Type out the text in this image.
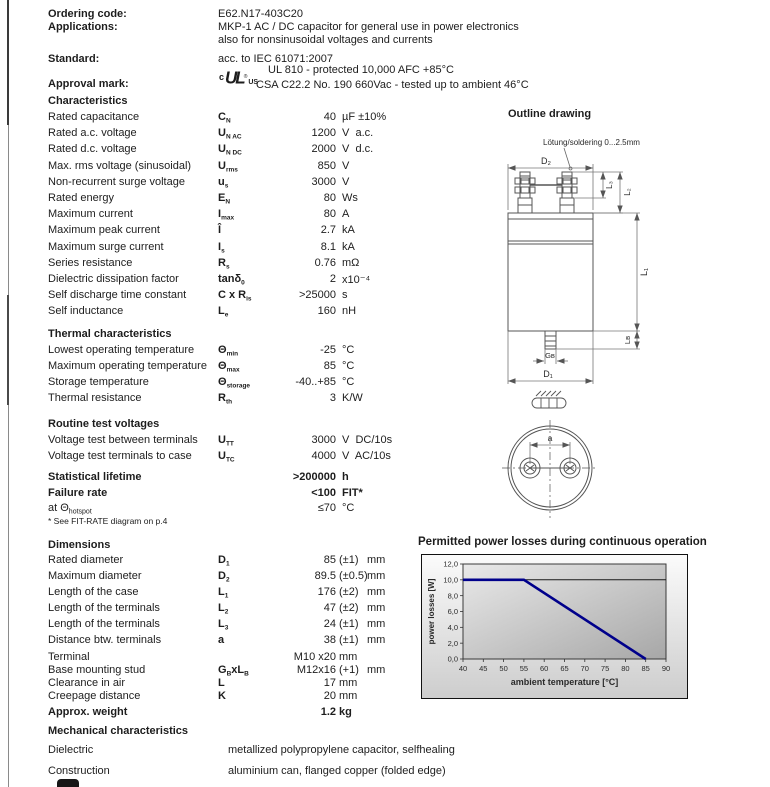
Ordering code:	E62.N17-403C20
Applications:	MKP-1 AC / DC capacitor for general use in power electronics
also for nonsinusoidal voltages and currents
Standard:	acc. to IEC 61071:2007
UL 810 - protected 10,000 AFC +85°C
Approval mark:
c UL ®
US
CSA C22.2 No. 190 660Vac - tested up to ambient 46°C
Characteristics
Rated capacitance	$C_N$	40 µF ±10%
Rated a.c. voltage	$U_{N AC}$	1200 V  a.c.
Rated d.c. voltage	$U_{N DC}$	2000 V  d.c.
Max. rms voltage (sinusoidal)	$U_{rms}$	850 V
Non-recurrent surge voltage	$u_s$	3000 V
Rated energy	$E_N$	80 Ws
Maximum current	$I_{max}$	80 A
Maximum peak current	Î	2.7 kA
Maximum surge current	$I_s$	8.1 kA
Series resistance	$R_s$	0.76 mΩ
Dielectric dissipation factor	tanδ$_0$	2 x10⁻⁴
Self discharge time constant	C x $R_{is}$	>25000 s
Self inductance	$L_e$	160 nH
Thermal characteristics
Lowest operating temperature	$\Theta_{min}$	-25 °C
Maximum operating temperature	$\Theta_{max}$	85 °C
Storage temperature	$\Theta_{storage}$	-40..+85 °C
Thermal resistance	$R_{th}$	3 K/W
Routine test voltages
Voltage test between terminals	$U_{TT}$	3000 V  DC/10s
Voltage test terminals to case	$U_{TC}$	4000 V  AC/10s
Statistical lifetime	>200000 h
Failure rate	<100 FIT*
at $\Theta_{hotspot}$	≤70 °C
* See FIT-RATE diagram on p.4
Dimensions
Rated diameter	$D_1$	85 (±1) mm
Maximum diameter	$D_2$	89.5 (±0.5) mm
Length of the case	$L_1$	176 (±2) mm
Length of the terminals	$L_2$	47 (±2) mm
Length of the terminals	$L_3$	24 (±1) mm
Distance btw. terminals	a	38 (±1) mm
Terminal	M10 x20 mm
Base mounting stud	$G_BxL_B$	M12x16 (+1) mm
Clearance in air	L	17 mm
Creepage distance	K	20 mm
Approx. weight	1.2 kg
Mechanical characteristics
Dielectric	metallized polypropylene capacitor, selfhealing
Construction	aluminium can, flanged copper (folded edge)
Outline drawing
Lötung/soldering 0...2.5mm
D₂
L₃
L₂
L₁
Lʙ
Gʙ
D₁
a
Permitted power losses during continuous operation
0,0
2,0
4,0
6,0
8,0
10,0
12,0
40 45 50 55 60 65 70 75 80 85 90
power losses [W]
ambient temperature [°C]
